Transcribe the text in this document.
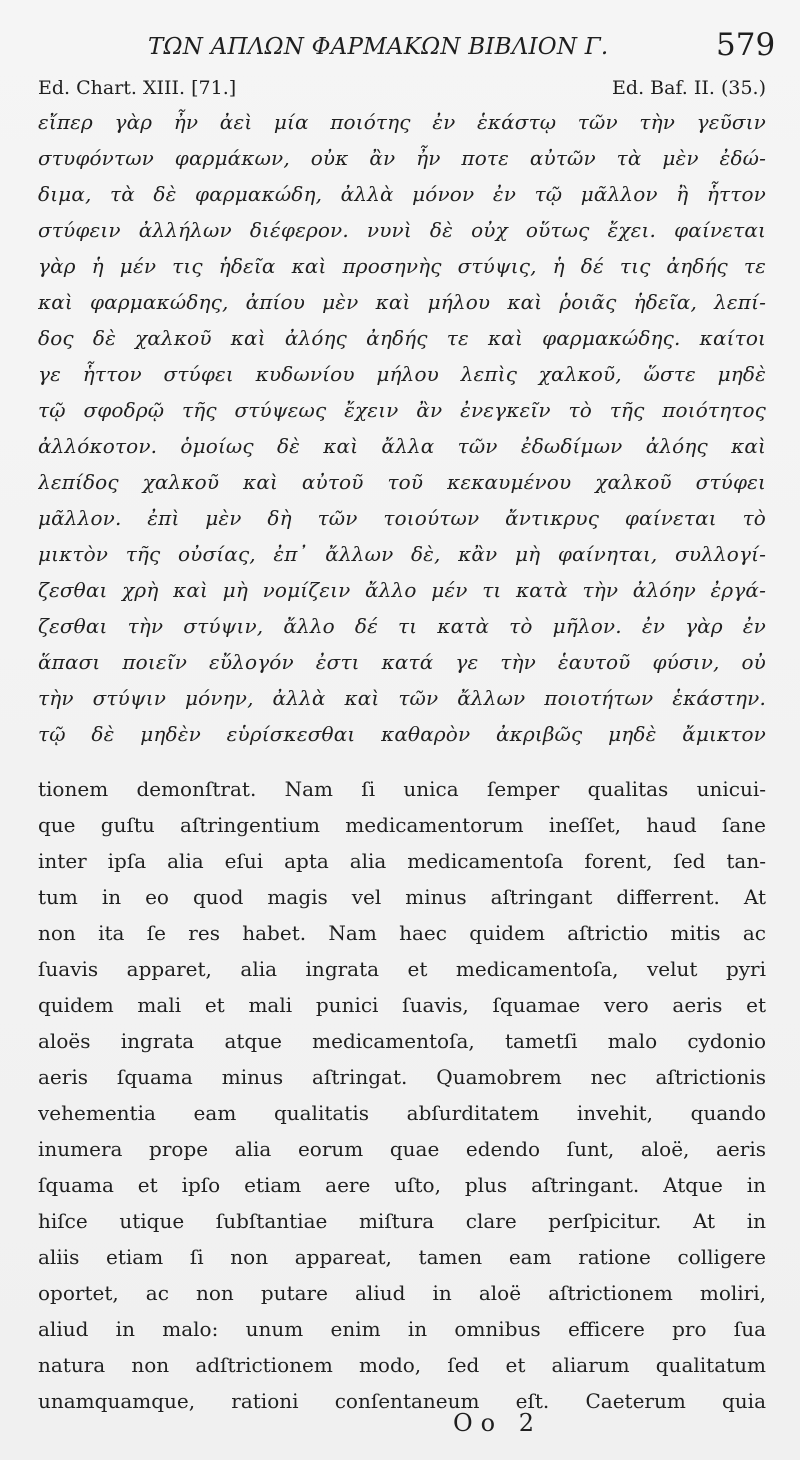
ΤΩΝ ΑΠΛΩΝ ΦΑΡΜΑΚΩΝ ΒΙΒΛΙΟΝ Γ.	579
Ed. Chart. XIII. [71.]	Ed. Baf. II. (35.)
εἴπερ γὰρ ἦν ἀεὶ μία ποιότης ἐν ἑκάστῳ τῶν τὴν γεῦσιν
στυφόντων φαρμάκων, οὐκ ἂν ἦν ποτε αὐτῶν τὰ μὲν ἐδώ-
διμα, τὰ δὲ φαρμακώδη, ἀλλὰ μόνον ἐν τῷ μᾶλλον ἢ ἧττον
στύφειν ἀλλήλων διέφερον. νυνὶ δὲ οὐχ οὕτως ἔχει. φαίνεται
γὰρ ἡ μέν τις ἡδεῖα καὶ προσηνὴς στύψις, ἡ δέ τις ἀηδής τε
καὶ φαρμακώδης, ἀπίου μὲν καὶ μήλου καὶ ῥοιᾶς ἡδεῖα, λεπί-
δος δὲ χαλκοῦ καὶ ἀλόης ἀηδής τε καὶ φαρμακώδης. καίτοι
γε ἧττον στύφει κυδωνίου μήλου λεπὶς χαλκοῦ, ὥστε μηδὲ
τῷ σφοδρῷ τῆς στύψεως ἔχειν ἂν ἐνεγκεῖν τὸ τῆς ποιότητος
ἀλλόκοτον. ὁμοίως δὲ καὶ ἄλλα τῶν ἐδωδίμων ἀλόης καὶ
λεπίδος χαλκοῦ καὶ αὐτοῦ τοῦ κεκαυμένου χαλκοῦ στύφει
μᾶλλον. ἐπὶ μὲν δὴ τῶν τοιούτων ἄντικρυς φαίνεται τὸ
μικτὸν τῆς οὐσίας, ἐπ᾽ ἄλλων δὲ, κἂν μὴ φαίνηται, συλλογί-
ζεσθαι χρὴ καὶ μὴ νομίζειν ἄλλο μέν τι κατὰ τὴν ἀλόην ἐργά-
ζεσθαι τὴν στύψιν, ἄλλο δέ τι κατὰ τὸ μῆλον. ἐν γὰρ ἐν
ἅπασι ποιεῖν εὔλογόν ἐστι κατά γε τὴν ἑαυτοῦ φύσιν, οὐ
τὴν στύψιν μόνην, ἀλλὰ καὶ τῶν ἄλλων ποιοτήτων ἑκάστην.
τῷ δὲ μηδὲν εὑρίσκεσθαι καθαρὸν ἀκριβῶς μηδὲ ἄμικτον
tionem demonſtrat. Nam ſi unica ſemper qualitas unicui-
que guſtu aſtringentium medicamentorum ineſſet, haud ſane
inter ipſa alia eſui apta alia medicamentoſa forent, ſed tan-
tum in eo quod magis vel minus aſtringant differrent. At
non ita ſe res habet. Nam haec quidem aſtrictio mitis ac
ſuavis apparet, alia ingrata et medicamentoſa, velut pyri
quidem mali et mali punici ſuavis, ſquamae vero aeris et
aloës ingrata atque medicamentoſa, tametſi malo cydonio
aeris ſquama minus aſtringat. Quamobrem nec aſtrictionis
vehementia eam qualitatis abſurditatem invehit, quando
inumera prope alia eorum quae edendo ſunt, aloë, aeris
ſquama et ipſo etiam aere uſto, plus aſtringant. Atque in
hiſce utique ſubſtantiae miſtura clare perſpicitur. At in
aliis etiam ſi non appareat, tamen eam ratione colligere
oportet, ac non putare aliud in aloë aſtrictionem moliri,
aliud in malo: unum enim in omnibus efficere pro ſua
natura non adſtrictionem modo, ſed et aliarum qualitatum
unamquamque, rationi conſentaneum eſt. Caeterum quia
Oo 2
